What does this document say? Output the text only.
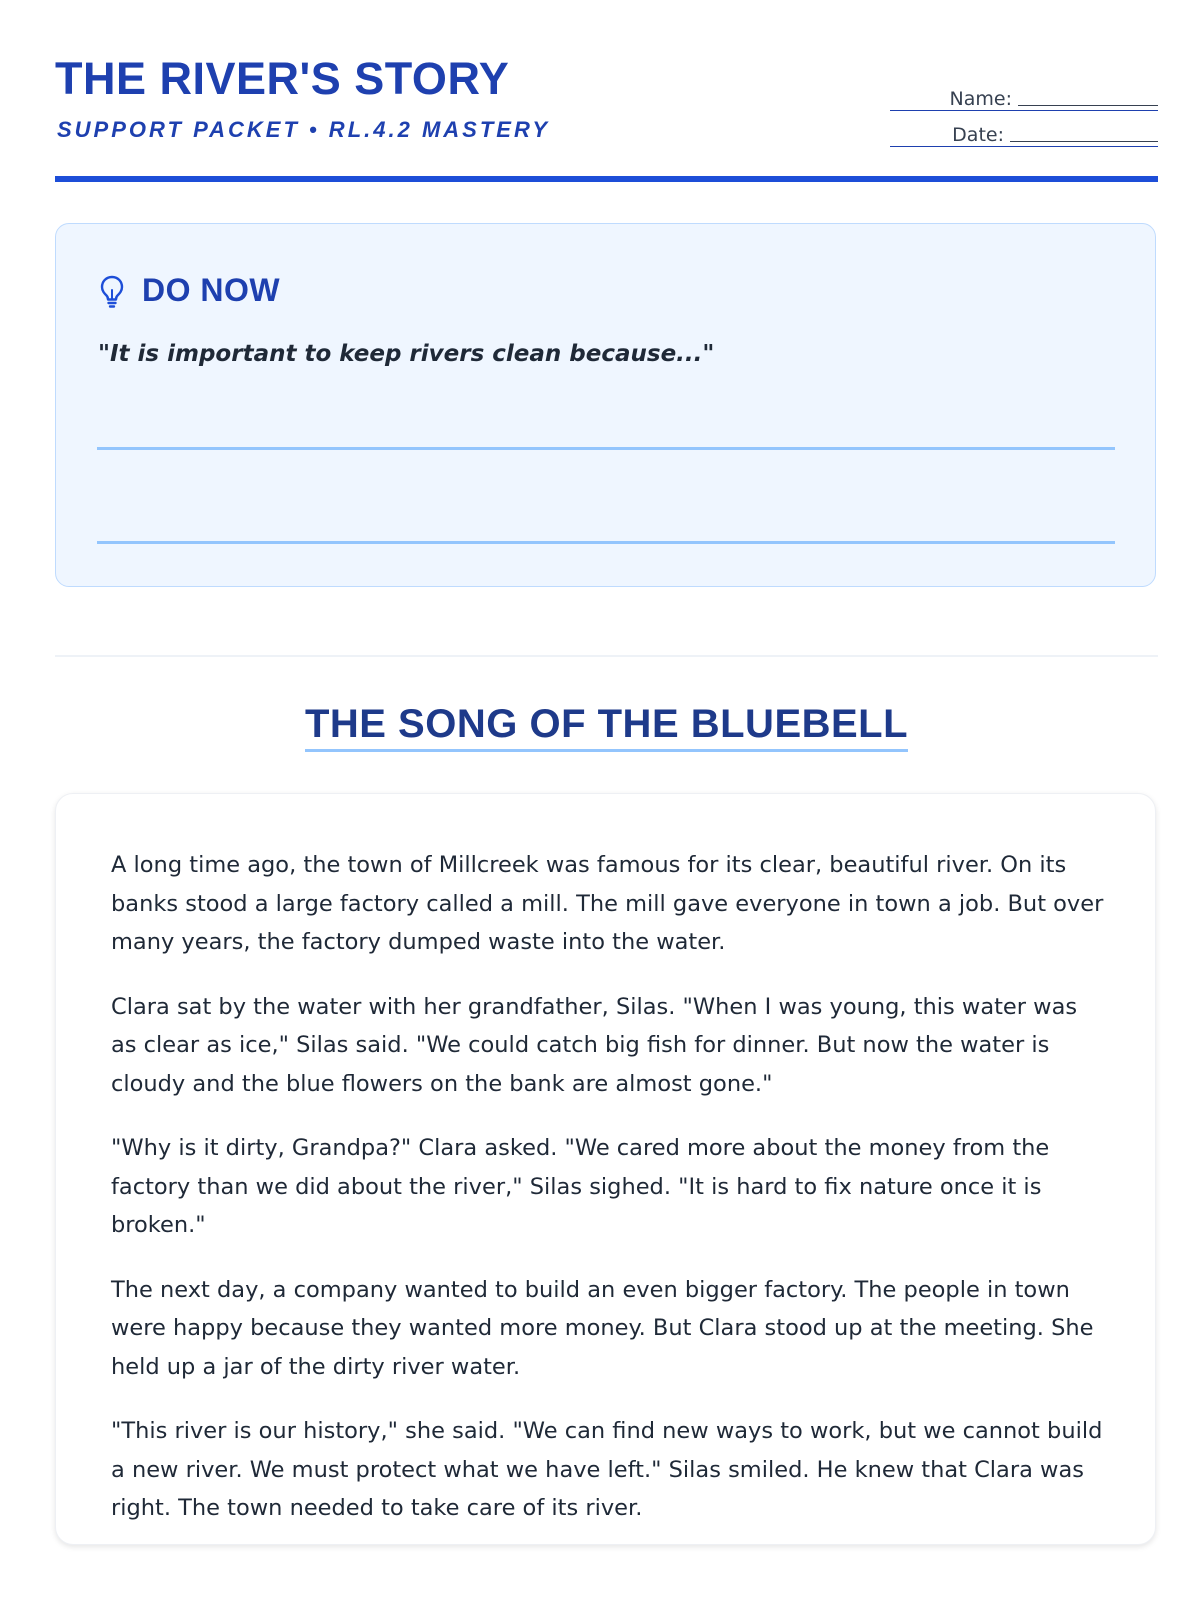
THE RIVER'S STORY
SUPPORT PACKET • RL.4.2 MASTERY
Name:
Date:
DO NOW
"It is important to keep rivers clean because..."
THE SONG OF THE BLUEBELL

A long time ago, the town of Millcreek was famous for its clear, beautiful river. On its banks stood a large factory called a mill. The mill gave everyone in town a job. But over many years, the factory dumped waste into the water.

Clara sat by the water with her grandfather, Silas. "When I was young, this water was as clear as ice," Silas said. "We could catch big fish for dinner. But now the water is cloudy and the blue flowers on the bank are almost gone."

"Why is it dirty, Grandpa?" Clara asked. "We cared more about the money from the factory than we did about the river," Silas sighed. "It is hard to fix nature once it is broken."

The next day, a company wanted to build an even bigger factory. The people in town were happy because they wanted more money. But Clara stood up at the meeting. She held up a jar of the dirty river water.

"This river is our history," she said. "We can find new ways to work, but we cannot build a new river. We must protect what we have left." Silas smiled. He knew that Clara was right. The town needed to take care of its river.
